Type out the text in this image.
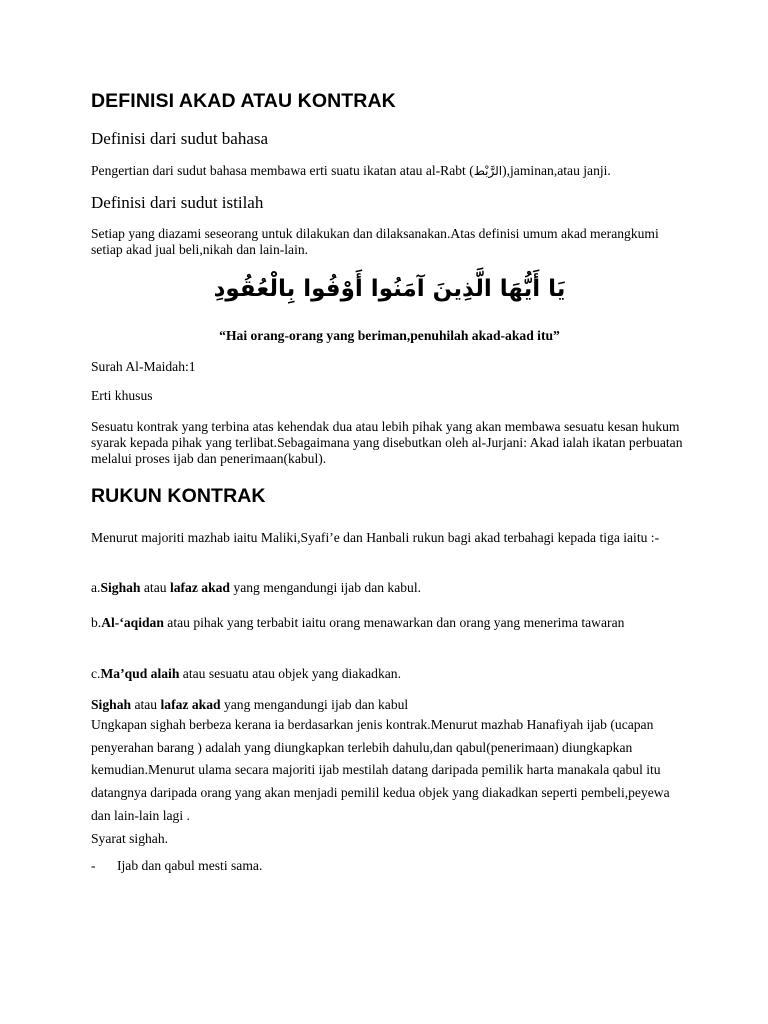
DEFINISI AKAD ATAU KONTRAK
Definisi dari sudut bahasa

Pengertian dari sudut bahasa membawa erti suatu ikatan atau al-Rabt (الرَّبْط),jaminan,atau janji.

Definisi dari sudut istilah

Setiap yang diazami seseorang untuk dilakukan dan dilaksanakan.Atas definisi umum akad merangkumi setiap akad jual beli,nikah dan lain-lain.

يَا أَيُّهَا الَّذِينَ آمَنُوا أَوْفُوا بِالْعُقُودِ

“Hai orang-orang yang beriman,penuhilah akad-akad itu”

Surah Al-Maidah:1

Erti khusus

Sesuatu kontrak yang terbina atas kehendak dua atau lebih pihak yang akan membawa sesuatu kesan hukum syarak kepada pihak yang terlibat.Sebagaimana yang disebutkan oleh al-Jurjani: Akad ialah ikatan perbuatan melalui proses ijab dan penerimaan(kabul).

RUKUN KONTRAK

Menurut majoriti mazhab iaitu Maliki,Syafi’e dan Hanbali rukun bagi akad terbahagi kepada tiga iaitu :-

a.Sighah atau lafaz akad yang mengandungi ijab dan kabul.

b.Al-‘aqidan atau pihak yang terbabit iaitu orang menawarkan dan orang yang menerima tawaran

c.Ma’qud alaih atau sesuatu atau objek yang diakadkan.

Sighah atau lafaz akad yang mengandungi ijab dan kabul

Ungkapan sighah berbeza kerana ia berdasarkan jenis kontrak.Menurut mazhab Hanafiyah ijab (ucapan penyerahan barang ) adalah yang diungkapkan terlebih dahulu,dan qabul(penerimaan) diungkapkan kemudian.Menurut ulama secara majoriti ijab mestilah datang daripada pemilik harta manakala qabul itu datangnya daripada orang yang akan menjadi pemilil kedua objek yang diakadkan seperti pembeli,peyewa dan lain-lain lagi .

Syarat sighah.

- Ijab dan qabul mesti sama.
